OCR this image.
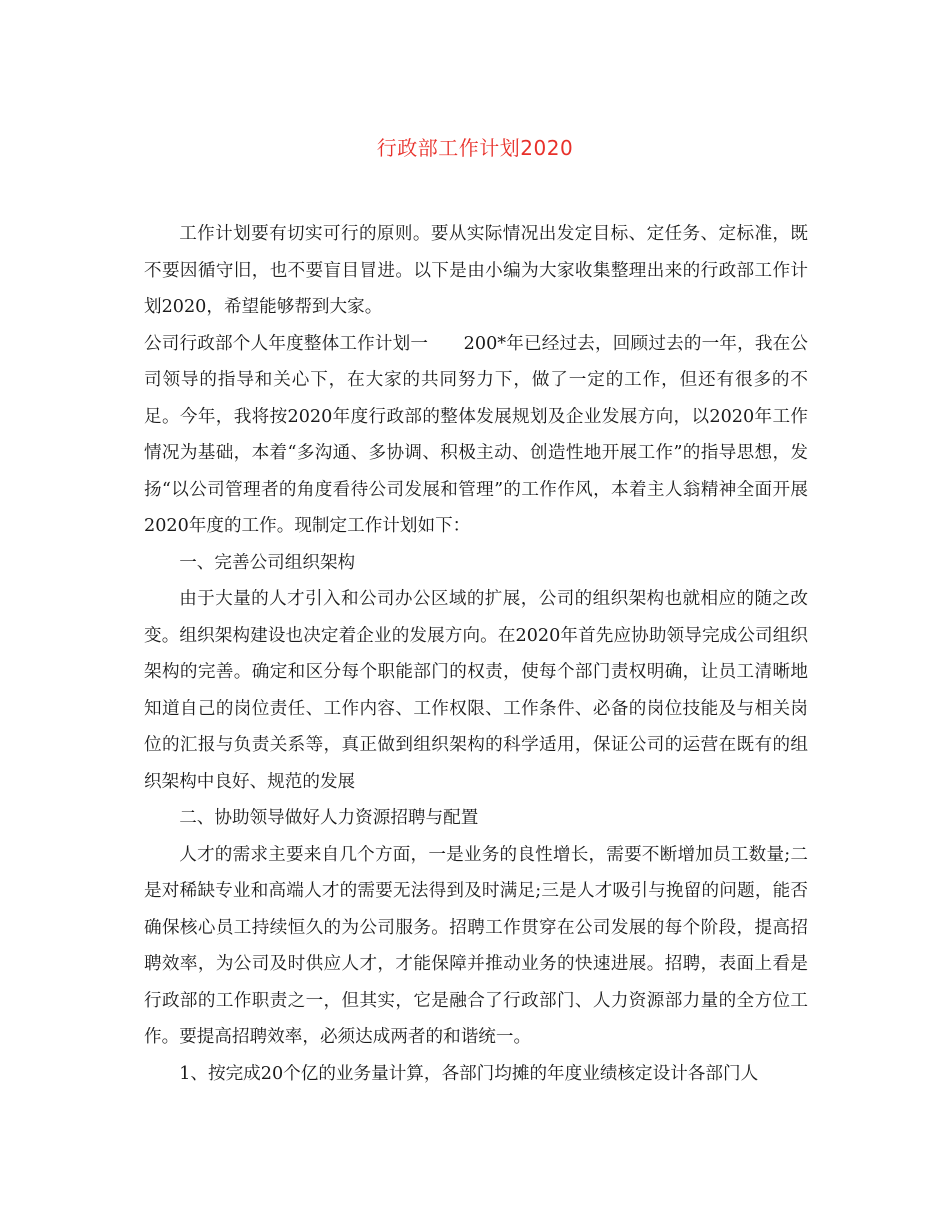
行政部工作计划2020

工作计划要有切实可行的原则。要从实际情况出发定目标、定任务、定标准，既不要因循守旧，也不要盲目冒进。以下是由小编为大家收集整理出来的行政部工作计划2020，希望能够帮到大家。

公司行政部个人年度整体工作计划一　　200*年已经过去，回顾过去的一年，我在公司领导的指导和关心下，在大家的共同努力下，做了一定的工作，但还有很多的不足。今年，我将按2020年度行政部的整体发展规划及企业发展方向，以2020年工作情况为基础，本着“多沟通、多协调、积极主动、创造性地开展工作”的指导思想，发扬“以公司管理者的角度看待公司发展和管理”的工作作风，本着主人翁精神全面开展2020年度的工作。现制定工作计划如下：

一、完善公司组织架构

由于大量的人才引入和公司办公区域的扩展，公司的组织架构也就相应的随之改变。组织架构建设也决定着企业的发展方向。在2020年首先应协助领导完成公司组织架构的完善。确定和区分每个职能部门的权责，使每个部门责权明确，让员工清晰地知道自己的岗位责任、工作内容、工作权限、工作条件、必备的岗位技能及与相关岗位的汇报与负责关系等，真正做到组织架构的科学适用，保证公司的运营在既有的组织架构中良好、规范的发展

二、协助领导做好人力资源招聘与配置

人才的需求主要来自几个方面，一是业务的良性增长，需要不断增加员工数量;二是对稀缺专业和高端人才的需要无法得到及时满足;三是人才吸引与挽留的问题，能否确保核心员工持续恒久的为公司服务。招聘工作贯穿在公司发展的每个阶段，提高招聘效率，为公司及时供应人才，才能保障并推动业务的快速进展。招聘，表面上看是行政部的工作职责之一，但其实，它是融合了行政部门、人力资源部力量的全方位工作。要提高招聘效率，必须达成两者的和谐统一。

1、按完成20个亿的业务量计算，各部门均摊的年度业绩核定设计各部门人
